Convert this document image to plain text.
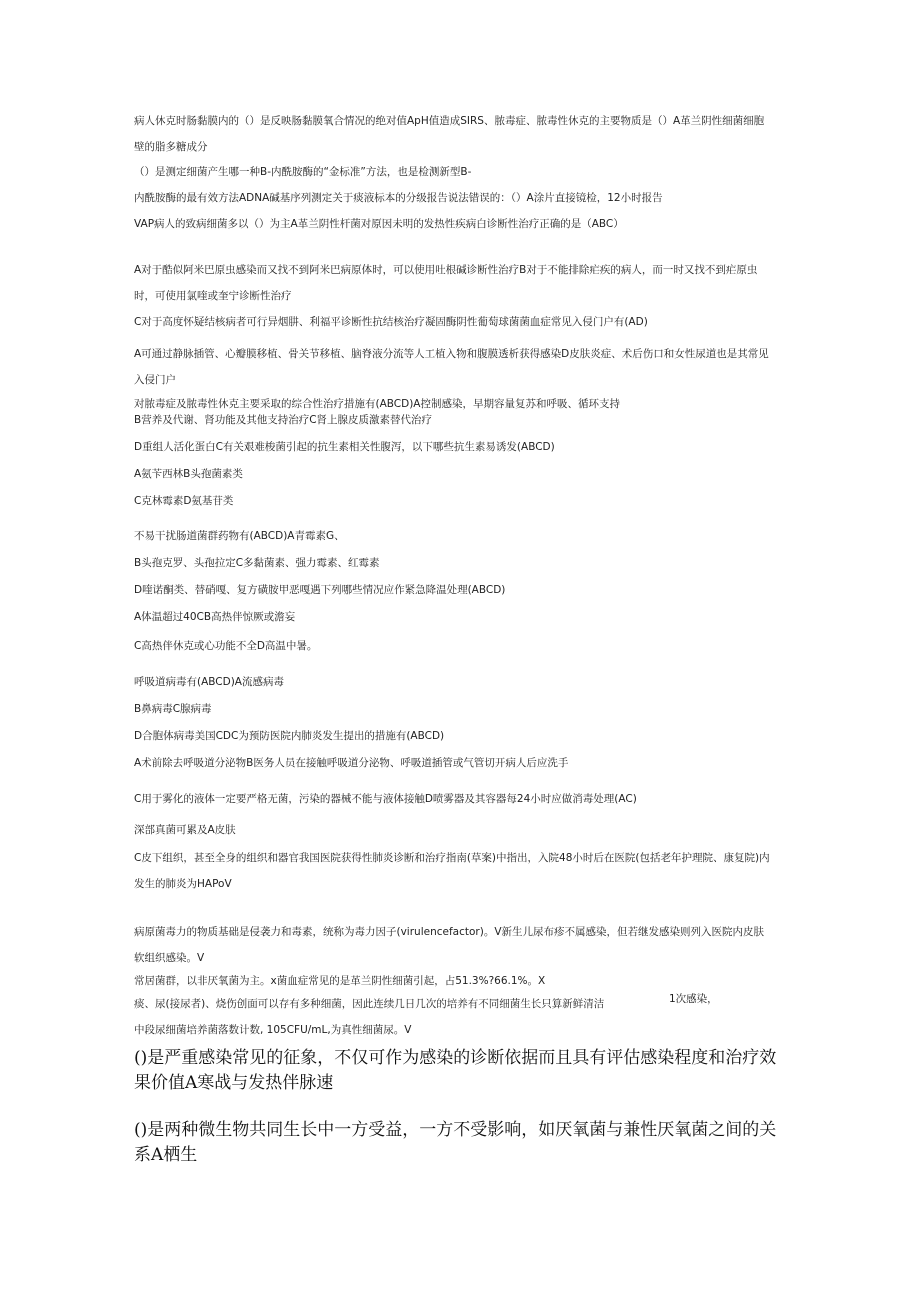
病人休克时肠黏膜内的（）是反映肠黏膜氧合情况的绝对值ApH值造成SIRS、脓毒症、脓毒性休克的主要物质是（）A革兰阴性细菌细胞壁的脂多糖成分
（）是测定细菌产生哪一种B-内酰胺酶的“金标准”方法，也是检测新型B-
内酰胺酶的最有效方法ADNA碱基序列测定关于痰液标本的分级报告说法错误的：（）A涂片直接镜检，12小时报告
VAP病人的致病细菌多以（）为主A革兰阴性杆菌对原因未明的发热性疾病白诊断性治疗正确的是（ABC）
A对于酷似阿米巴原虫感染而又找不到阿米巴病原体时，可以使用吐根碱诊断性治疗B对于不能排除疟疾的病人，而一时又找不到疟原虫时，可使用氯喹或奎宁诊断性治疗
C对于高度怀疑结核病者可行异烟肼、利福平诊断性抗结核治疗凝固酶阴性葡萄球菌菌血症常见入侵门户有(AD)
A可通过静脉插管、心瓣膜移植、骨关节移植、脑脊液分流等人工植入物和腹膜透析获得感染D皮肤炎症、术后伤口和女性尿道也是其常见入侵门户
对脓毒症及脓毒性休克主要采取的综合性治疗措施有(ABCD)A控制感染，早期容量复苏和呼吸、循环支持
B营养及代谢、肾功能及其他支持治疗C肾上腺皮质激素替代治疗
D重组人活化蛋白C有关艰难梭菌引起的抗生素相关性腹泻，以下哪些抗生素易诱发(ABCD)
A氨苄西林B头孢菌素类
C克林霉素D氨基苷类
不易干扰肠道菌群药物有(ABCD)A青霉素G、
B头孢克罗、头孢拉定C多黏菌素、强力霉素、红霉素
D喹诺酮类、替硝嘎、复方磺胺甲恶嘎遇下列哪些情况应作紧急降温处理(ABCD)
A体温超过40CB高热伴惊厥或澹妄
C高热伴休克或心功能不全D高温中暑。
呼吸道病毒有(ABCD)A流感病毒
B鼻病毒C腺病毒
D合胞体病毒美国CDC为预防医院内肺炎发生提出的措施有(ABCD)
A术前除去呼吸道分泌物B医务人员在接触呼吸道分泌物、呼吸道插管或气管切开病人后应洗手
C用于雾化的液体一定要严格无菌，污染的器械不能与液体接触D喷雾器及其容器每24小时应做消毒处理(AC)
深部真菌可累及A皮肤
C皮下组织，甚至全身的组织和器官我国医院获得性肺炎诊断和治疗指南(草案)中指出，入院48小时后在医院(包括老年护理院、康复院)内发生的肺炎为HAPoV
病原菌毒力的物质基础是侵袭力和毒素，统称为毒力因子(virulencefactor)。V新生儿尿布疹不属感染，但若继发感染则列入医院内皮肤软组织感染。V
常居菌群，以非厌氧菌为主。x菌血症常见的是革兰阴性细菌引起，占51.3%?66.1%。X
痰、尿(接尿者)、烧伤创面可以存有多种细菌，因此连续几日几次的培养有不同细菌生长只算新鲜清洁	1次感染，
中段尿细菌培养菌落数计数, 105CFU/mL,为真性细菌尿。V
()是严重感染常见的征象，不仅可作为感染的诊断依据而且具有评估感染程度和治疗效果价值A寒战与发热伴脉速
()是两种微生物共同生长中一方受益，一方不受影响，如厌氧菌与兼性厌氧菌之间的关系A栖生
